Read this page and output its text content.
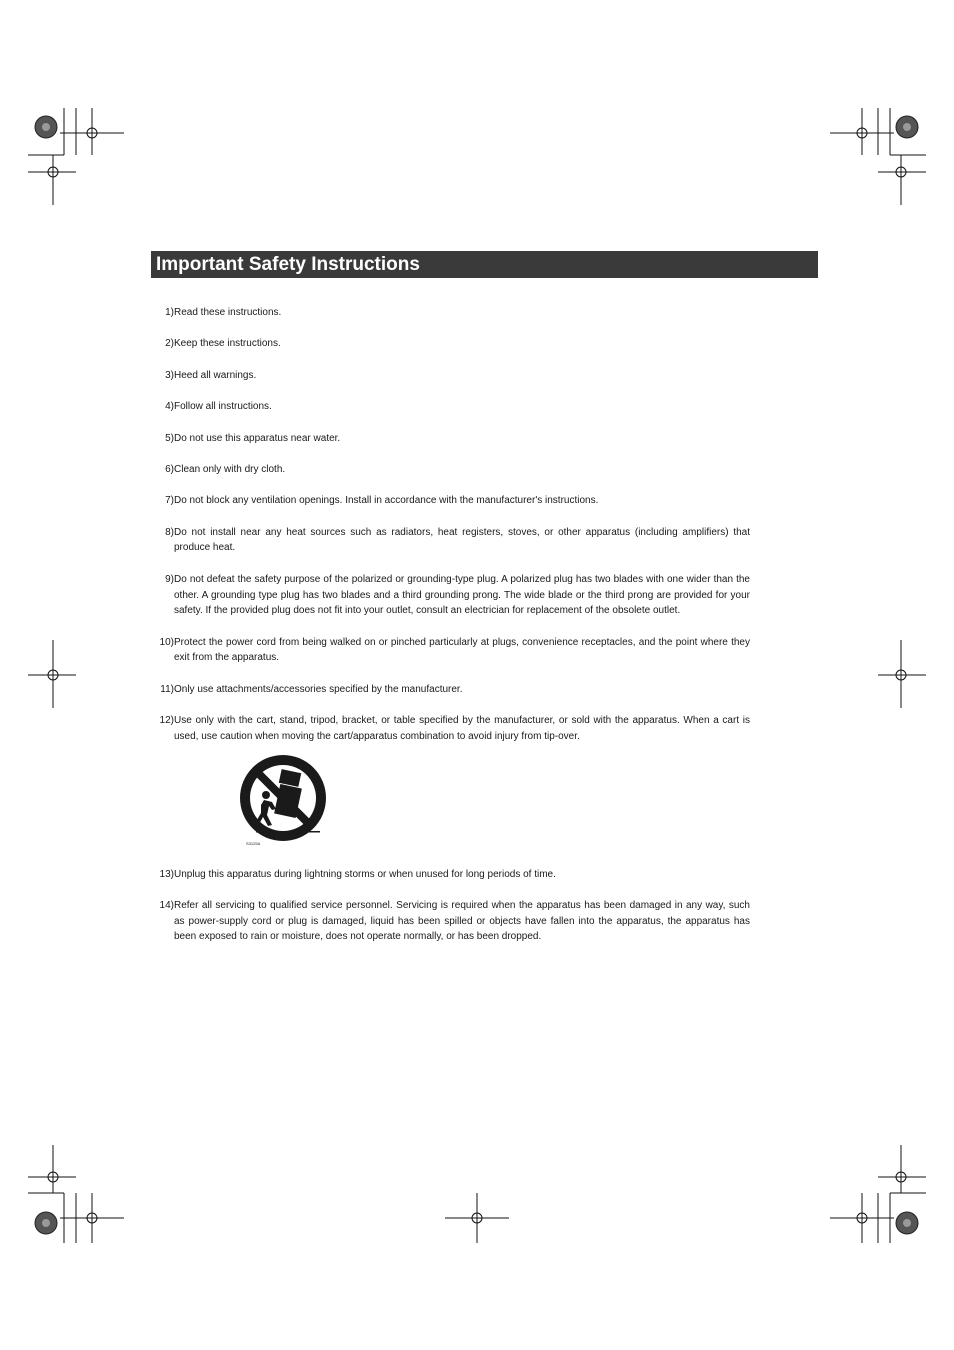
Important Safety Instructions
1) Read these instructions.
2) Keep these instructions.
3) Heed all warnings.
4) Follow all instructions.
5) Do not use this apparatus near water.
6) Clean only with dry cloth.
7) Do not block any ventilation openings. Install in accordance with the manufacturer's instructions.
8) Do not install near any heat sources such as radiators, heat registers, stoves, or other apparatus (including amplifiers) that produce heat.
9) Do not defeat the safety purpose of the polarized or grounding-type plug. A polarized plug has two blades with one wider than the other. A grounding type plug has two blades and a third grounding prong. The wide blade or the third prong are provided for your safety. If the provided plug does not fit into your outlet, consult an electrician for replacement of the obsolete outlet.
10) Protect the power cord from being walked on or pinched particularly at plugs, convenience receptacles, and the point where they exit from the apparatus.
11) Only use attachments/accessories specified by the manufacturer.
12) Use only with the cart, stand, tripod, bracket, or table specified by the manufacturer, or sold with the apparatus. When a cart is used, use caution when moving the cart/apparatus combination to avoid injury from tip-over.
S3125A
13) Unplug this apparatus during lightning storms or when unused for long periods of time.
14) Refer all servicing to qualified service personnel. Servicing is required when the apparatus has been damaged in any way, such as power-supply cord or plug is damaged, liquid has been spilled or objects have fallen into the apparatus, the apparatus has been exposed to rain or moisture, does not operate normally, or has been dropped.
